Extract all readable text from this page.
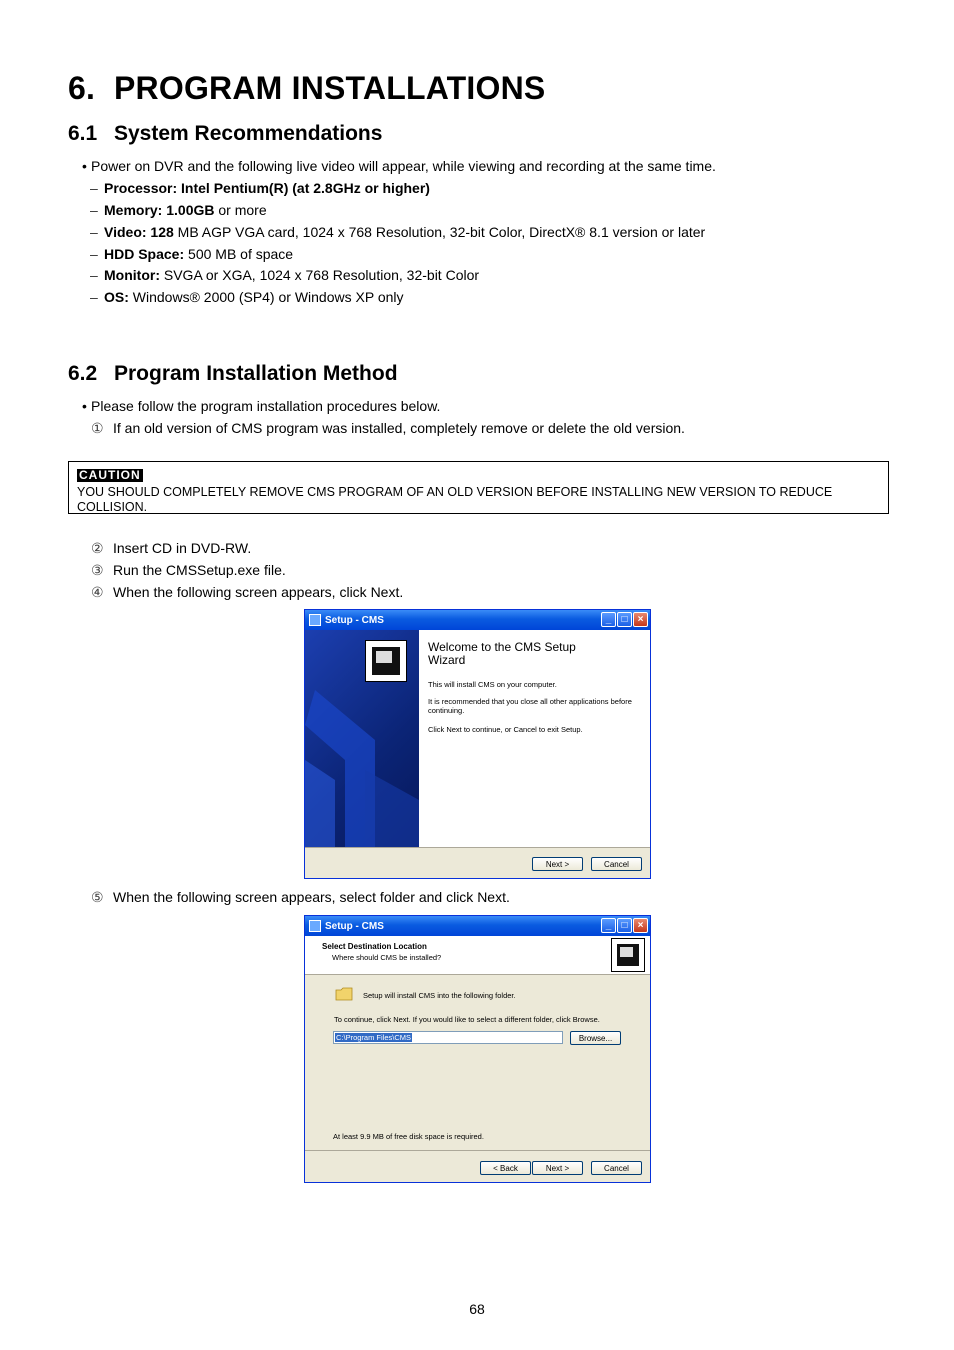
6. PROGRAM INSTALLATIONS
6.1 System Recommendations
• Power on DVR and the following live video will appear, while viewing and recording at the same time.
– Processor: Intel Pentium(R) (at 2.8GHz or higher)
– Memory: 1.00GB or more
– Video: 128 MB AGP VGA card, 1024 x 768 Resolution, 32-bit Color, DirectX® 8.1 version or later
– HDD Space: 500 MB of space
– Monitor: SVGA or XGA, 1024 x 768 Resolution, 32-bit Color
– OS: Windows® 2000 (SP4) or Windows XP only
6.2 Program Installation Method
• Please follow the program installation procedures below.
① If an old version of CMS program was installed, completely remove or delete the old version.
CAUTION
YOU SHOULD COMPLETELY REMOVE CMS PROGRAM OF AN OLD VERSION BEFORE INSTALLING NEW VERSION TO REDUCE COLLISION.
② Insert CD in DVD-RW.
③ Run the CMSSetup.exe file.
④ When the following screen appears, click Next.
Setup - CMS	_	□	×
Welcome to the CMS Setup Wizard
This will install CMS on your computer.
It is recommended that you close all other applications before continuing.
Click Next to continue, or Cancel to exit Setup.
Next >	Cancel
⑤ When the following screen appears, select folder and click Next.
Setup - CMS	_	□	×
Select Destination Location
Where should CMS be installed?
Setup will install CMS into the following folder.
To continue, click Next. If you would like to select a different folder, click Browse.
C:\Program Files\CMS	Browse...
At least 9.9 MB of free disk space is required.
< Back	Next >	Cancel
68
